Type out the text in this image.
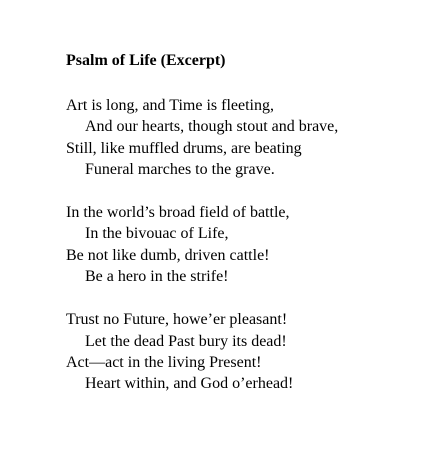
Psalm of Life (Excerpt)
Art is long, and Time is fleeting,
And our hearts, though stout and brave,
Still, like muffled drums, are beating
Funeral marches to the grave.
In the world’s broad field of battle,
In the bivouac of Life,
Be not like dumb, driven cattle!
Be a hero in the strife!
Trust no Future, howe’er pleasant!
Let the dead Past bury its dead!
Act—act in the living Present!
Heart within, and God o’erhead!
